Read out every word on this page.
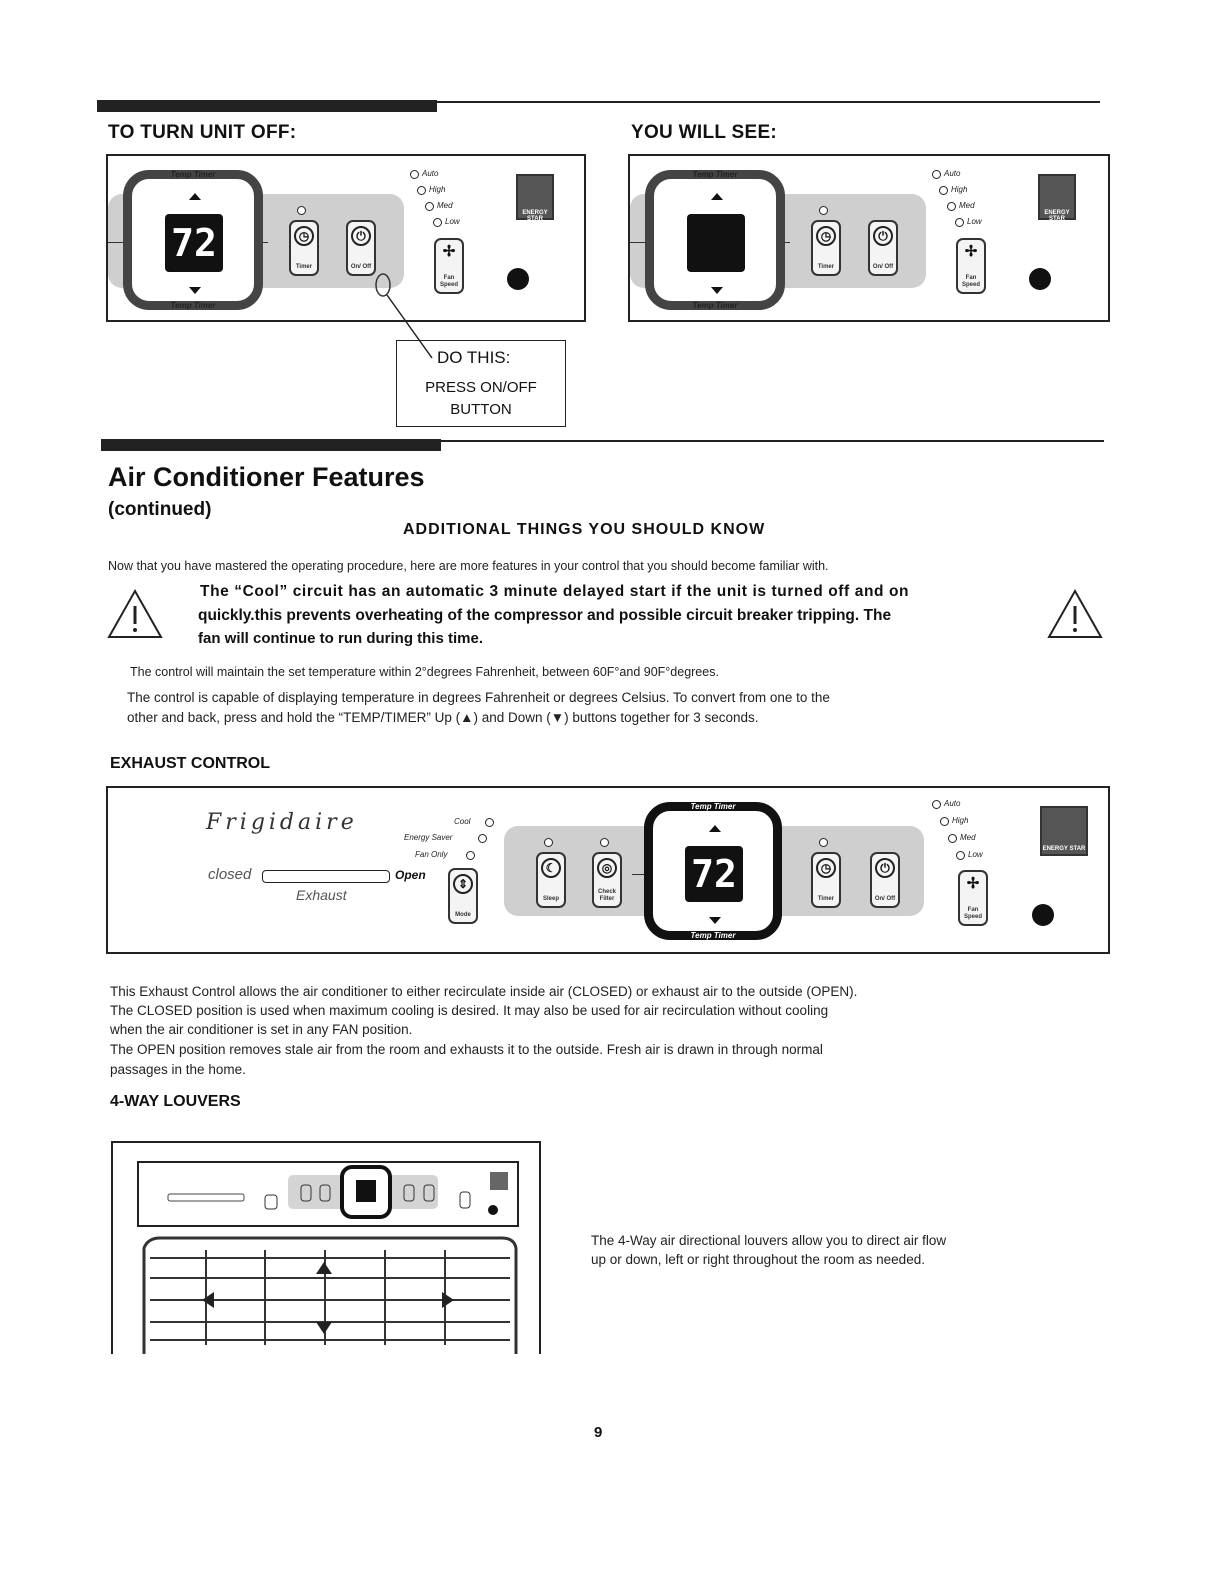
TO TURN UNIT OFF:	YOU WILL SEE:
Temp Timer
72
Temp Timer
◷
Timer
⏻
On/ Off
Auto
High
Med
Low
✢
Fan Speed
ENERGY STAR
DO THIS:
PRESS ON/OFF
BUTTON
Temp Timer
Temp Timer
◷
Timer
⏻
On/ Off
Auto
High
Med
Low
✢
Fan Speed
ENERGY STAR
Air Conditioner Features
(continued)
ADDITIONAL THINGS YOU SHOULD KNOW
Now that you have mastered the operating procedure, here are more features in your control that you should become familiar with.
The “Cool” circuit has an automatic 3 minute delayed start if the unit is turned off and on
quickly.this prevents overheating of the compressor and possible circuit breaker tripping. The
fan will continue to run during this time.
The control will maintain the set temperature within 2°degrees Fahrenheit, between 60F°and 90F°degrees.
The control is capable of displaying temperature in degrees Fahrenheit or degrees Celsius. To convert from one to the
other and back, press and hold the “TEMP/TIMER” Up (▲) and Down (▼) buttons together for 3 seconds.
EXHAUST CONTROL
Frigidaire
closed	Open
Exhaust
Cool
Energy Saver
Fan Only
⇕
Mode
☾
Sleep
◎
Check Filter
Temp Timer
72
Temp Timer
◷
Timer
⏻
On/ Off
Auto
High
Med
Low
✢
Fan Speed
ENERGY STAR
This Exhaust Control allows the air conditioner to either recirculate inside air (CLOSED) or exhaust air to the outside (OPEN).
The CLOSED position is used when maximum cooling is desired. It may also be used for air recirculation without cooling
when the air conditioner is set in any FAN position.
The OPEN position removes stale air from the room and exhausts it to the outside. Fresh air is drawn in through normal
passages in the home.
4-WAY LOUVERS
The 4-Way air directional louvers allow you to direct air flow
up or down, left or right throughout the room as needed.
9
